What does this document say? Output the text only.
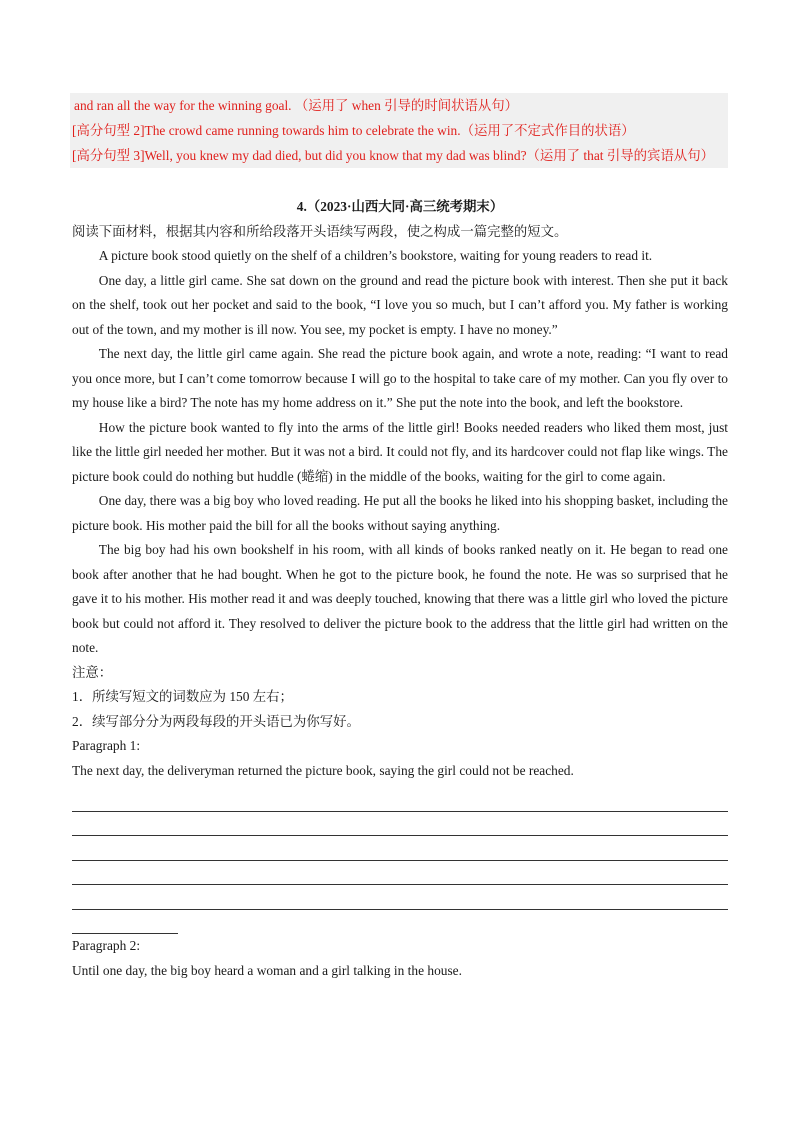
and ran all the way for the winning goal. （运用了 when 引导的时间状语从句）

[高分句型 2]The crowd came running towards him to celebrate the win.（运用了不定式作目的状语）

[高分句型 3]Well, you knew my dad died, but did you know that my dad was blind?（运用了 that 引导的宾语从句）

4.（2023·山西大同·高三统考期末）

阅读下面材料，根据其内容和所给段落开头语续写两段，使之构成一篇完整的短文。

A picture book stood quietly on the shelf of a children’s bookstore, waiting for young readers to read it.

One day, a little girl came. She sat down on the ground and read the picture book with interest. Then she put it back on the shelf, took out her pocket and said to the book, “I love you so much, but I can’t afford you. My father is working out of the town, and my mother is ill now. You see, my pocket is empty. I have no money.”

The next day, the little girl came again. She read the picture book again, and wrote a note, reading: “I want to read you once more, but I can’t come tomorrow because I will go to the hospital to take care of my mother. Can you fly over to my house like a bird? The note has my home address on it.” She put the note into the book, and left the bookstore.

How the picture book wanted to fly into the arms of the little girl! Books needed readers who liked them most, just like the little girl needed her mother. But it was not a bird. It could not fly, and its hardcover could not flap like wings. The picture book could do nothing but huddle (蜷缩) in the middle of the books, waiting for the girl to come again.

One day, there was a big boy who loved reading. He put all the books he liked into his shopping basket, including the picture book. His mother paid the bill for all the books without saying anything.

The big boy had his own bookshelf in his room, with all kinds of books ranked neatly on it. He began to read one book after another that he had bought. When he got to the picture book, he found the note. He was so surprised that he gave it to his mother. His mother read it and was deeply touched, knowing that there was a little girl who loved the picture book but could not afford it. They resolved to deliver the picture book to the address that the little girl had written on the note.

注意：

1．所续写短文的词数应为 150 左右；

2．续写部分分为两段每段的开头语已为你写好。

Paragraph 1:

The next day, the deliveryman returned the picture book, saying the girl could not be reached.

Paragraph 2:

Until one day, the big boy heard a woman and a girl talking in the house.
